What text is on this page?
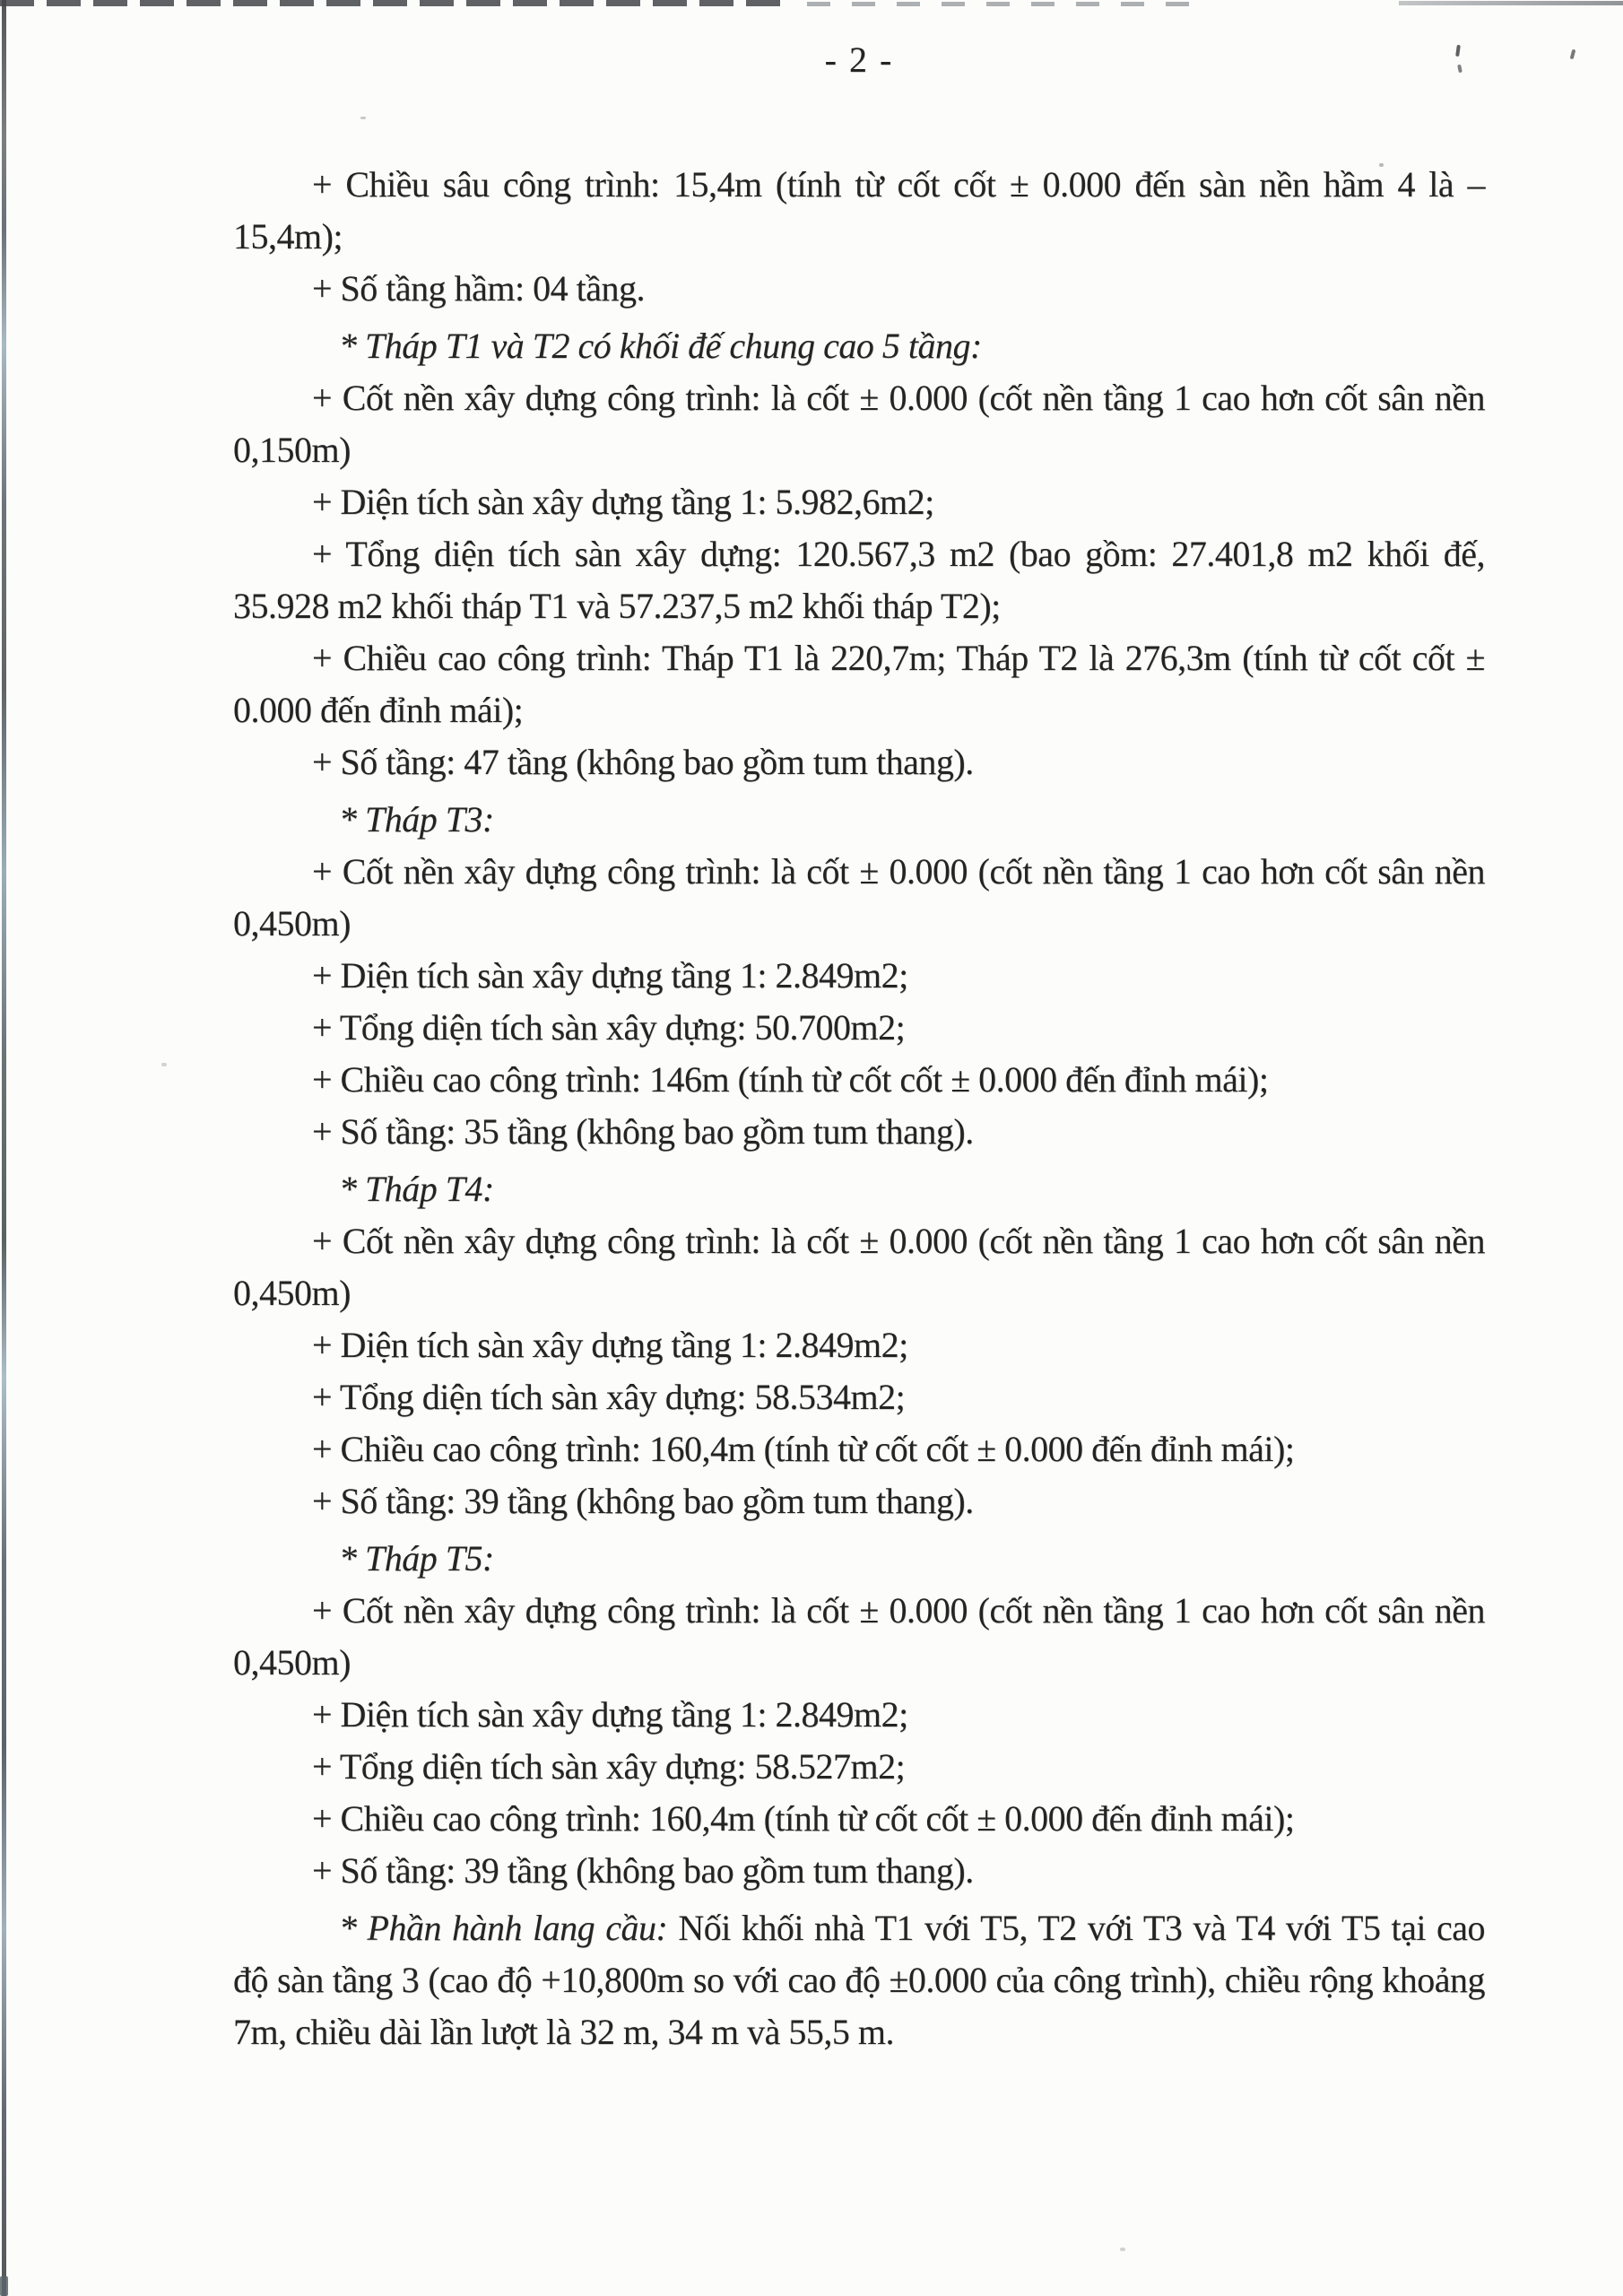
- 2 -

+ Chiều sâu công trình: 15,4m (tính từ cốt cốt ± 0.000 đến sàn nền hầm 4 là – 15,4m);

+ Số tầng hầm: 04 tầng.

* Tháp T1 và T2 có khối đế chung cao 5 tầng:

+ Cốt nền xây dựng công trình: là cốt ± 0.000 (cốt nền tầng 1 cao hơn cốt sân nền 0,150m)

+ Diện tích sàn xây dựng tầng 1: 5.982,6m2;

+ Tổng diện tích sàn xây dựng: 120.567,3 m2 (bao gồm: 27.401,8 m2 khối đế, 35.928 m2 khối tháp T1 và 57.237,5 m2 khối tháp T2);

+ Chiều cao công trình: Tháp T1 là 220,7m; Tháp T2 là 276,3m (tính từ cốt cốt ± 0.000 đến đỉnh mái);

+ Số tầng: 47 tầng (không bao gồm tum thang).

* Tháp T3:

+ Cốt nền xây dựng công trình: là cốt ± 0.000 (cốt nền tầng 1 cao hơn cốt sân nền 0,450m)

+ Diện tích sàn xây dựng tầng 1: 2.849m2;

+ Tổng diện tích sàn xây dựng: 50.700m2;

+ Chiều cao công trình: 146m (tính từ cốt cốt ± 0.000 đến đỉnh mái);

+ Số tầng: 35 tầng (không bao gồm tum thang).

* Tháp T4:

+ Cốt nền xây dựng công trình: là cốt ± 0.000 (cốt nền tầng 1 cao hơn cốt sân nền 0,450m)

+ Diện tích sàn xây dựng tầng 1: 2.849m2;

+ Tổng diện tích sàn xây dựng: 58.534m2;

+ Chiều cao công trình: 160,4m (tính từ cốt cốt ± 0.000 đến đỉnh mái);

+ Số tầng: 39 tầng (không bao gồm tum thang).

* Tháp T5:

+ Cốt nền xây dựng công trình: là cốt ± 0.000 (cốt nền tầng 1 cao hơn cốt sân nền 0,450m)

+ Diện tích sàn xây dựng tầng 1: 2.849m2;

+ Tổng diện tích sàn xây dựng: 58.527m2;

+ Chiều cao công trình: 160,4m (tính từ cốt cốt ± 0.000 đến đỉnh mái);

+ Số tầng: 39 tầng (không bao gồm tum thang).

* Phần hành lang cầu: Nối khối nhà T1 với T5, T2 với T3 và T4 với T5 tại cao độ sàn tầng 3 (cao độ +10,800m so với cao độ ±0.000 của công trình), chiều rộng khoảng 7m, chiều dài lần lượt là 32 m, 34 m và 55,5 m.
